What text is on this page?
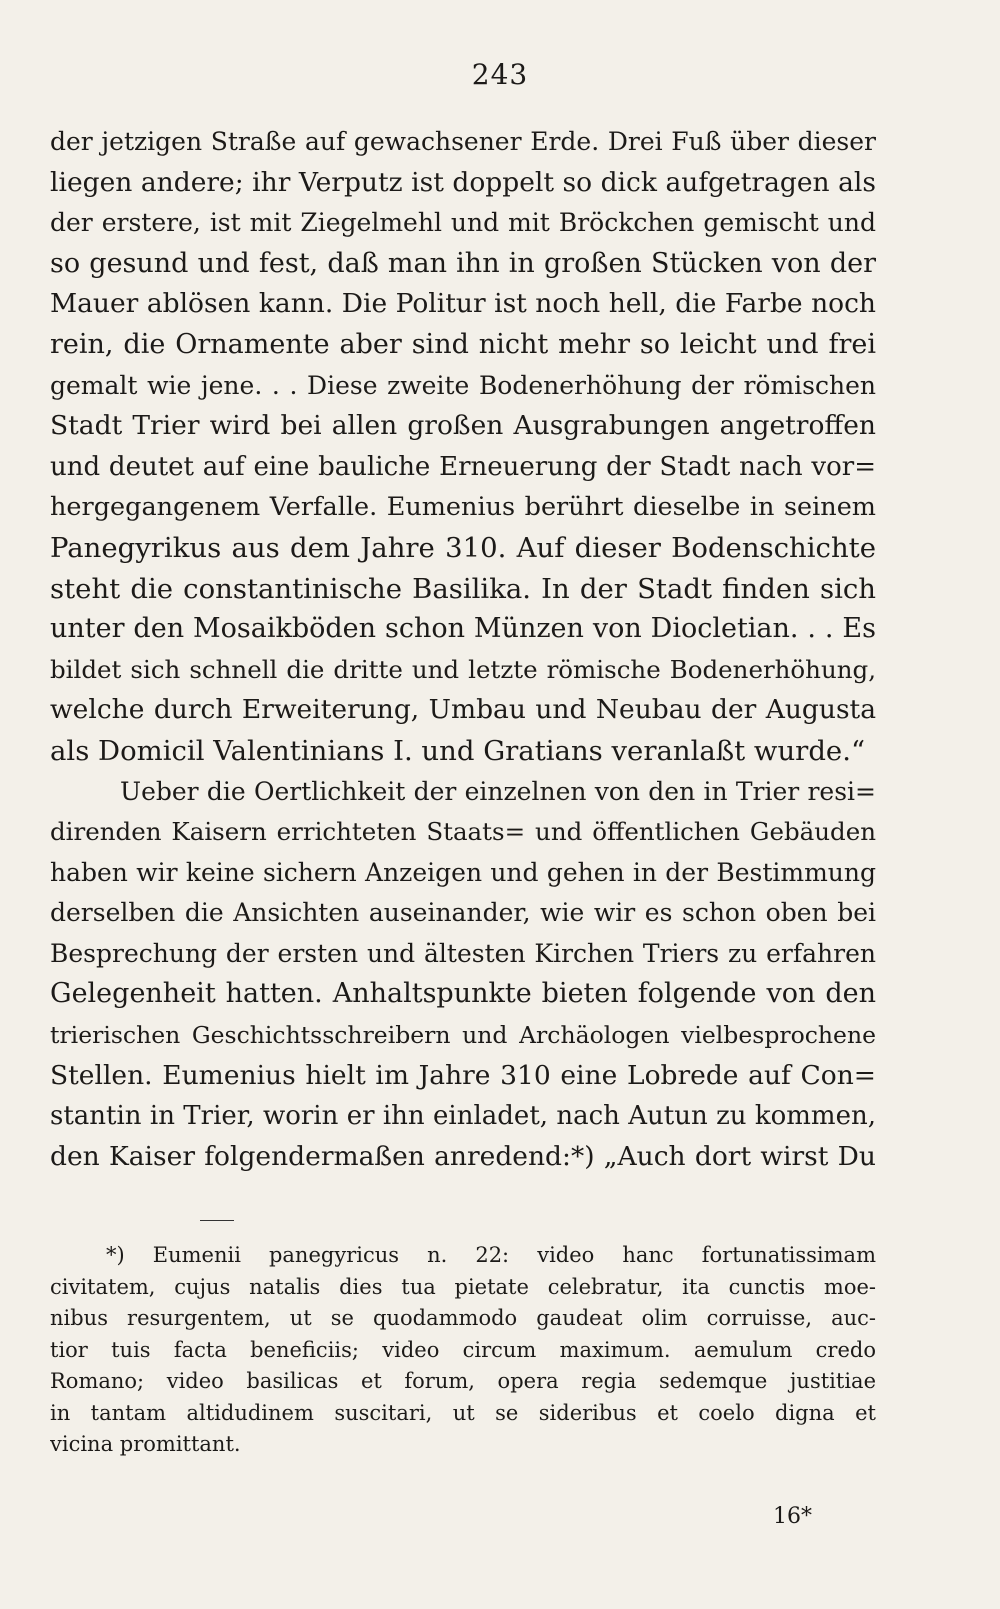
243
der jetzigen Straße auf gewachsener Erde. Drei Fuß über dieser
liegen andere; ihr Verputz ist doppelt so dick aufgetragen als
der erstere, ist mit Ziegelmehl und mit Bröckchen gemischt und
so gesund und fest, daß man ihn in großen Stücken von der
Mauer ablösen kann. Die Politur ist noch hell, die Farbe noch
rein, die Ornamente aber sind nicht mehr so leicht und frei
gemalt wie jene. . . Diese zweite Bodenerhöhung der römischen
Stadt Trier wird bei allen großen Ausgrabungen angetroffen
und deutet auf eine bauliche Erneuerung der Stadt nach vor=
hergegangenem Verfalle. Eumenius berührt dieselbe in seinem
Panegyrikus aus dem Jahre 310. Auf dieser Bodenschichte
steht die constantinische Basilika. In der Stadt finden sich
unter den Mosaikböden schon Münzen von Diocletian. . . Es
bildet sich schnell die dritte und letzte römische Bodenerhöhung,
welche durch Erweiterung, Umbau und Neubau der Augusta
als Domicil Valentinians I. und Gratians veranlaßt wurde.“
Ueber die Oertlichkeit der einzelnen von den in Trier resi=
direnden Kaisern errichteten Staats= und öffentlichen Gebäuden
haben wir keine sichern Anzeigen und gehen in der Bestimmung
derselben die Ansichten auseinander, wie wir es schon oben bei
Besprechung der ersten und ältesten Kirchen Triers zu erfahren
Gelegenheit hatten. Anhaltspunkte bieten folgende von den
trierischen Geschichtsschreibern und Archäologen vielbesprochene
Stellen. Eumenius hielt im Jahre 310 eine Lobrede auf Con=
stantin in Trier, worin er ihn einladet, nach Autun zu kommen,
den Kaiser folgendermaßen anredend:*) „Auch dort wirst Du
*) Eumenii panegyricus n. 22: video hanc fortunatissimam
civitatem, cujus natalis dies tua pietate celebratur, ita cunctis moe-
nibus resurgentem, ut se quodammodo gaudeat olim corruisse, auc-
tior tuis facta beneficiis; video circum maximum. aemulum credo
Romano; video basilicas et forum, opera regia sedemque justitiae
in tantam altidudinem suscitari, ut se sideribus et coelo digna et
vicina promittant.
16*
